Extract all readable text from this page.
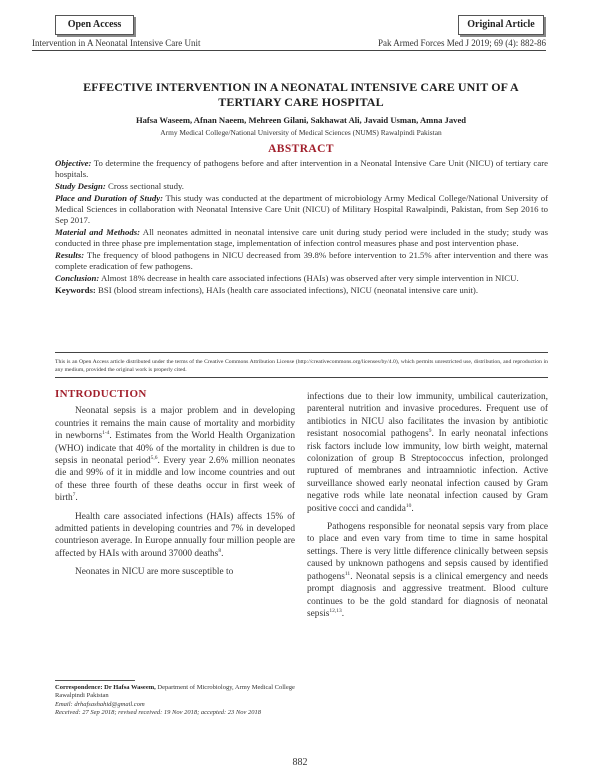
Open Access	Original Article
Intervention in A Neonatal Intensive Care Unit	Pak Armed Forces Med J 2019; 69 (4): 882-86
EFFECTIVE INTERVENTION IN A NEONATAL INTENSIVE CARE UNIT OF A
TERTIARY CARE HOSPITAL
Hafsa Waseem, Afnan Naeem, Mehreen Gilani, Sakhawat Ali, Javaid Usman, Amna Javed
Army Medical College/National University of Medical Sciences (NUMS) Rawalpindi Pakistan
ABSTRACT

Objective: To determine the frequency of pathogens before and after intervention in a Neonatal Intensive Care Unit (NICU) of tertiary care hospitals.

Study Design: Cross sectional study.

Place and Duration of Study: This study was conducted at the department of microbiology Army Medical College/National University of Medical Sciences in collaboration with Neonatal Intensive Care Unit (NICU) of Military Hospital Rawalpindi, Pakistan, from Sep 2016 to Sep 2017.

Material and Methods: All neonates admitted in neonatal intensive care unit during study period were included in the study; study was conducted in three phase pre implementation stage, implementation of infection control measures phase and post intervention phase.

Results: The frequency of blood pathogens in NICU decreased from 39.8% before intervention to 21.5% after intervention and there was complete eradication of few pathogens.

Conclusion: Almost 18% decrease in health care associated infections (HAIs) was observed after very simple intervention in NICU.

Keywords: BSI (blood stream infections), HAIs (health care associated infections), NICU (neonatal intensive care unit).

This is an Open Access article distributed under the terms of the Creative Commons Attribution License (http://creativecommons.org/licenses/by/4.0), which permits unrestricted use, distribution, and reproduction in any medium, provided the original work is properly cited.
INTRODUCTION

Neonatal sepsis is a major problem and in developing countries it remains the main cause of mortality and morbidity in newborns$^{1-4}$. Estimates from the World Health Organization (WHO) indicate that 40% of the mortality in children is due to sepsis in neonatal period$^{5,6}$. Every year 2.6% million neonates die and 99% of it in middle and low income countries and out of these three fourth of these deaths occur in first week of birth$^7$.

Health care associated infections (HAIs) affects 15% of admitted patients in developing countries and 7% in developed countrieson average. In Europe annually four million people are affected by HAIs with around 37000 deaths$^8$.

Neonates in NICU are more susceptible to

infections due to their low immunity, umbilical cauterization, parenteral nutrition and invasive procedures. Frequent use of antibiotics in NICU also facilitates the invasion by antibiotic resistant nosocomial pathogens$^9$. In early neonatal infections risk factors include low immunity, low birth weight, maternal colonization of group B Streptococcus infection, prolonged ruptured of membranes and intraamniotic infection. Active surveillance showed early neonatal infection caused by Gram negative rods while late neonatal infection caused by Gram positive cocci and candida$^{10}$.

Pathogens responsible for neonatal sepsis vary from place to place and even vary from time to time in same hospital settings. There is very little difference clinically between sepsis caused by unknown pathogens and sepsis caused by identified pathogens$^{11}$. Neonatal sepsis is a clinical emergency and needs prompt diagnosis and aggressive treatment. Blood culture continues to be the gold standard for diagnosis of neonatal sepsis$^{12,13}$.

Correspondence: Dr Hafsa Waseem, Department of Microbiology, Army Medical College Rawalpindi Pakistan
Email: drhafsashahid@gmail.com
Received: 27 Sep 2018; revised received: 19 Nov 2018; accepted: 23 Nov 2018
882
